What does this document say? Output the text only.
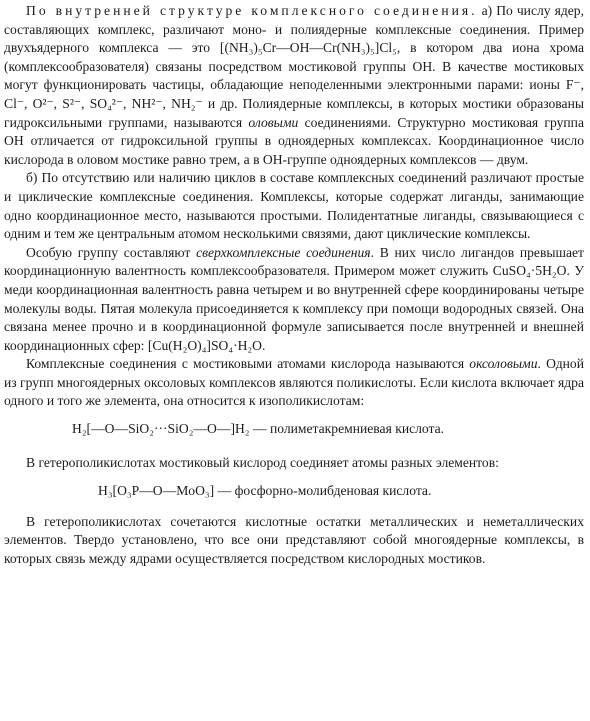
По внутренней структуре комплексного соединения. а) По числу ядер, составляющих комплекс, различают моно- и полиядерные комплексные соединения. Пример двухъядерного комплекса — это [(NH₃)₅Cr—OH—Cr(NH₃)₅]Cl₅, в котором два иона хрома (комплексообразователя) связаны посредством мостиковой группы OH. В качестве мостиковых могут функционировать частицы, обладающие неподеленными электронными парами: ионы F⁻, Cl⁻, O²⁻, S²⁻, SO₄²⁻, NH²⁻, NH₂⁻ и др. Полиядерные комплексы, в которых мостики образованы гидроксильными группами, называются оловыми соединениями. Структурно мостиковая группа OH отличается от гидроксильной группы в одноядерных комплексах. Координационное число кислорода в оловом мостике равно трем, а в OH-группе одноядерных комплексов — двум.

б) По отсутствию или наличию циклов в составе комплексных соединений различают простые и циклические комплексные соединения. Комплексы, которые содержат лиганды, занимающие одно координационное место, называются простыми. Полидентатные лиганды, связывающиеся с одним и тем же центральным атомом несколькими связями, дают циклические комплексы.

Особую группу составляют сверхкомплексные соединения. В них число лигандов превышает координационную валентность комплексообразователя. Примером может служить CuSO₄·5H₂O. У меди координационная валентность равна четырем и во внутренней сфере координированы четыре молекулы воды. Пятая молекула присоединяется к комплексу при помощи водородных связей. Она связана менее прочно и в координационной формуле записывается после внутренней и внешней координационных сфер: [Cu(H₂O)₄]SO₄·H₂O.

Комплексные соединения с мостиковыми атомами кислорода называются оксоловыми. Одной из групп многоядерных оксоловых комплексов являются поликислоты. Если кислота включает ядра одного и того же элемента, она относится к изополикислотам:

H₂[—O—SiO₂···SiO₂—O—]H₂ — полиметакремниевая кислота.

В гетерополикислотах мостиковый кислород соединяет атомы разных элементов:

H₃[O₃P—O—MoO₃] — фосфорно-молибденовая кислота.

В гетерополикислотах сочетаются кислотные остатки металлических и неметаллических элементов. Твердо установлено, что все они представляют собой многоядерные комплексы, в которых связь между ядрами осуществляется посредством кислородных мостиков.
